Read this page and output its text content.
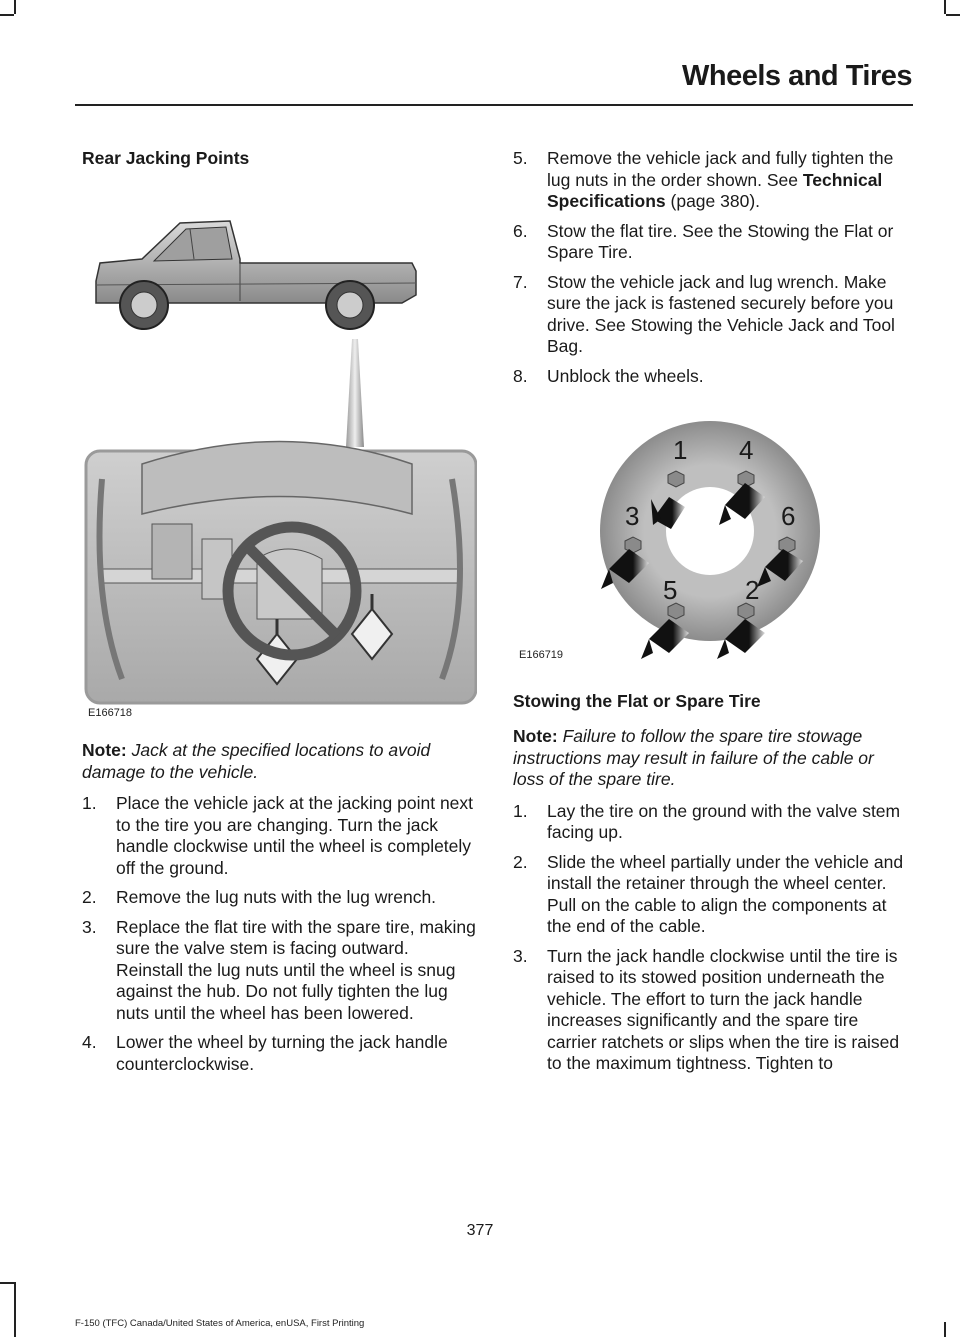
Wheels and Tires
Rear Jacking Points
E166718

Note: Jack at the specified locations to avoid damage to the vehicle.

1. Place the vehicle jack at the jacking point next to the tire you are changing. Turn the jack handle clockwise until the wheel is completely off the ground.
2. Remove the lug nuts with the lug wrench.
3. Replace the flat tire with the spare tire, making sure the valve stem is facing outward. Reinstall the lug nuts until the wheel is snug against the hub. Do not fully tighten the lug nuts until the wheel has been lowered.
4. Lower the wheel by turning the jack handle counterclockwise.
5. Remove the vehicle jack and fully tighten the lug nuts in the order shown. See Technical Specifications (page 380).
6. Stow the flat tire. See the Stowing the Flat or Spare Tire.
7. Stow the vehicle jack and lug wrench. Make sure the jack is fastened securely before you drive. See Stowing the Vehicle Jack and Tool Bag.
8. Unblock the wheels.
1 4
3	6
5	2
E166719
Stowing the Flat or Spare Tire

Note: Failure to follow the spare tire stowage instructions may result in failure of the cable or loss of the spare tire.

1. Lay the tire on the ground with the valve stem facing up.
2. Slide the wheel partially under the vehicle and install the retainer through the wheel center. Pull on the cable to align the components at the end of the cable.
3. Turn the jack handle clockwise until the tire is raised to its stowed position underneath the vehicle. The effort to turn the jack handle increases significantly and the spare tire carrier ratchets or slips when the tire is raised to the maximum tightness. Tighten to
377
F-150 (TFC) Canada/United States of America, enUSA, First Printing
